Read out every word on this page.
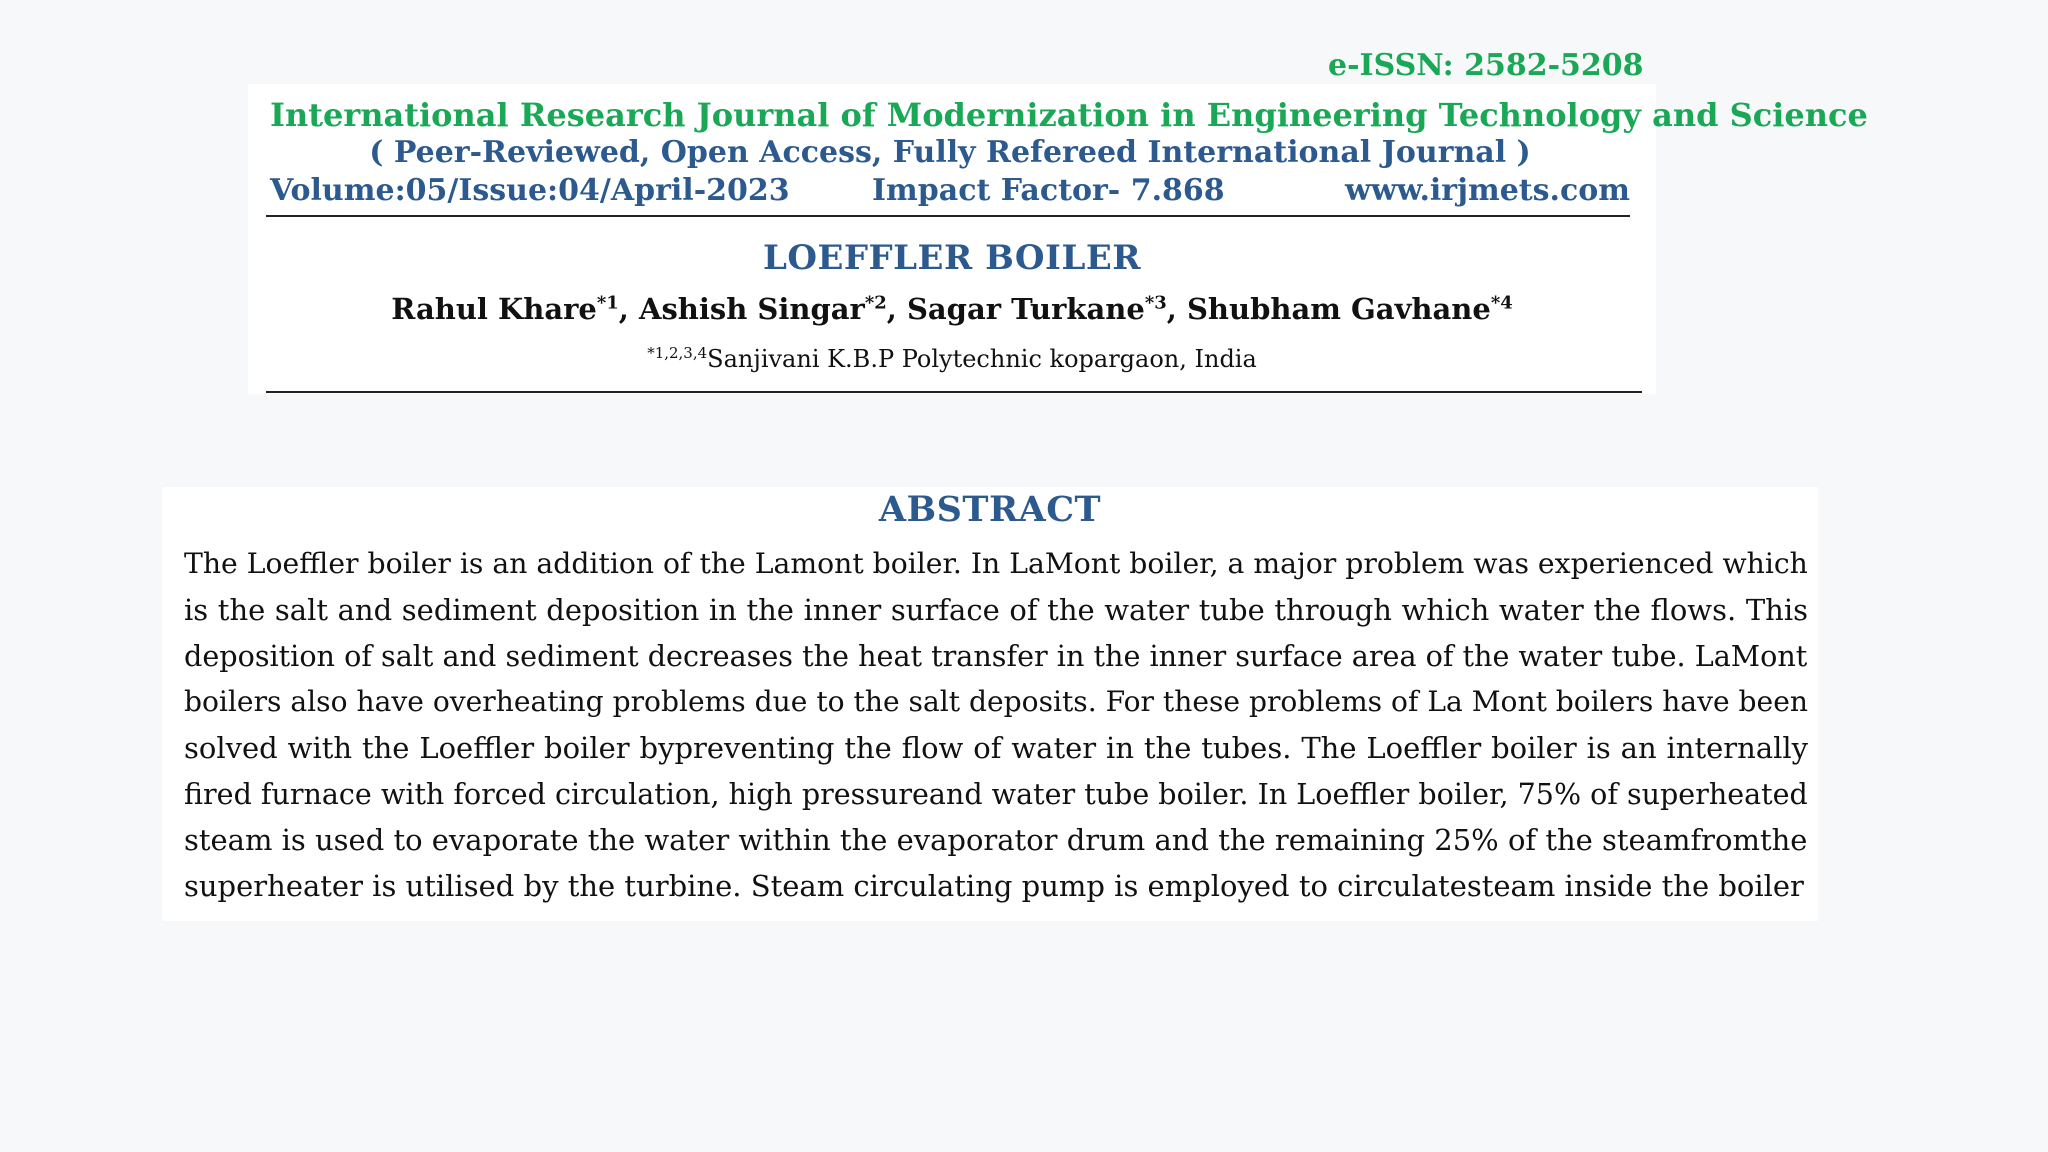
e-ISSN: 2582-5208
International Research Journal of Modernization in Engineering Technology and Science
( Peer-Reviewed, Open Access, Fully Refereed International Journal )
Volume:05/Issue:04/April-2023	Impact Factor- 7.868	www.irjmets.com
LOEFFLER BOILER
Rahul Khare$^{*1}$, Ashish Singar$^{*2}$, Sagar Turkane$^{*3}$, Shubham Gavhane$^{*4}$
$^{*1,2,3,4}$Sanjivani K.B.P Polytechnic kopargaon, India
ABSTRACT
The Loeffler boiler is an addition of the Lamont boiler. In LaMont boiler, a major problem was experienced which
is the salt and sediment deposition in the inner surface of the water tube through which water the flows. This
deposition of salt and sediment decreases the heat transfer in the inner surface area of the water tube. LaMont
boilers also have overheating problems due to the salt deposits. For these problems of La Mont boilers have been
solved with the Loeffler boiler bypreventing the flow of water in the tubes. The Loeffler boiler is an internally
fired furnace with forced circulation, high pressureand water tube boiler. In Loeffler boiler, 75% of superheated
steam is used to evaporate the water within the evaporator drum and the remaining 25% of the steamfromthe
superheater is utilised by the turbine. Steam circulating pump is employed to circulatesteam inside the boiler
